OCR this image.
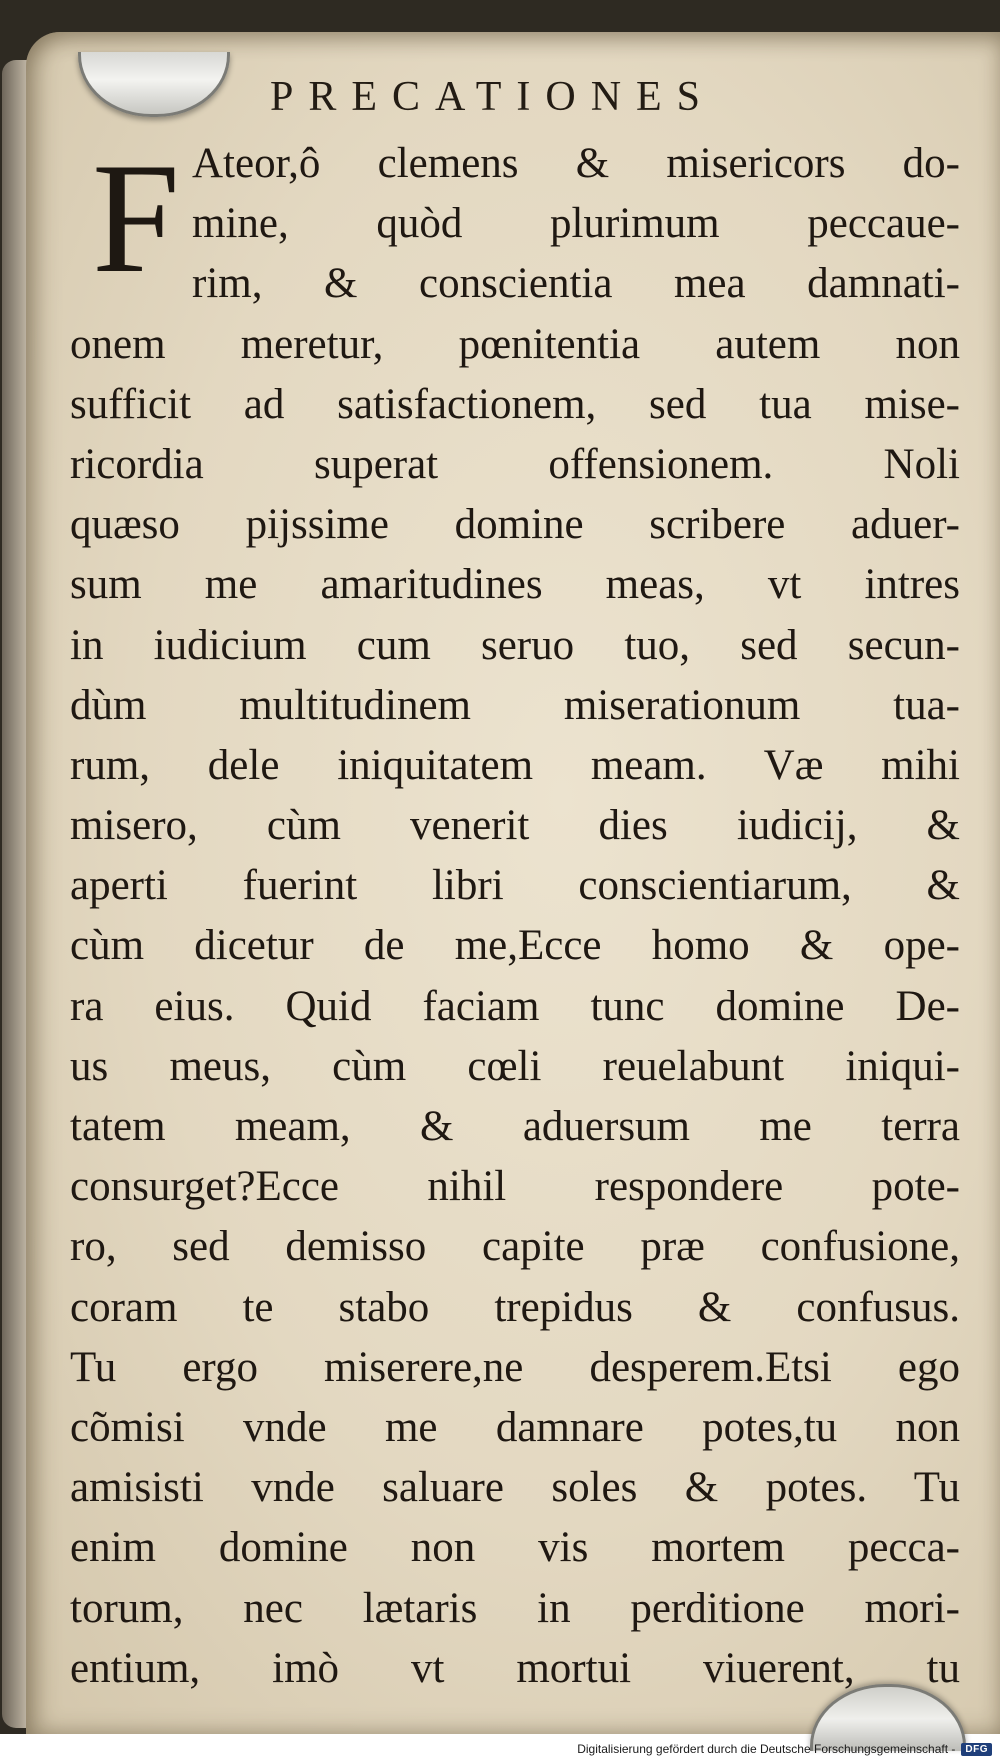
PRECATIONES
F Ateor,ô clemens & misericors do-
mine, quòd plurimum peccaue-
rim, & conscientia mea damnati-
onem meretur, pœnitentia autem non
sufficit ad satisfactionem, sed tua mise-
ricordia superat offensionem. Noli
quæso pijssime domine scribere aduer-
sum me amaritudines meas, vt intres
in iudicium cum seruo tuo, sed secun-
dùm multitudinem miserationum tua-
rum, dele iniquitatem meam. Væ mihi
misero, cùm venerit dies iudicij, &
aperti fuerint libri conscientiarum, &
cùm dicetur de me,Ecce homo & ope-
ra eius. Quid faciam tunc domine De-
us meus, cùm cœli reuelabunt iniqui-
tatem meam, & aduersum me terra
consurget?Ecce nihil respondere pote-
ro, sed demisso capite præ confusione,
coram te stabo trepidus & confusus.
Tu ergo miserere,ne desperem.Etsi ego
cõmisi vnde me damnare potes,tu non
amisisti vnde saluare soles & potes. Tu
enim domine non vis mortem pecca-
torum, nec lætaris in perditione mori-
entium, imò vt mortui viuerent, tu
Digitalisierung gefördert durch die Deutsche Forschungsgemeinschaft -	DFG
